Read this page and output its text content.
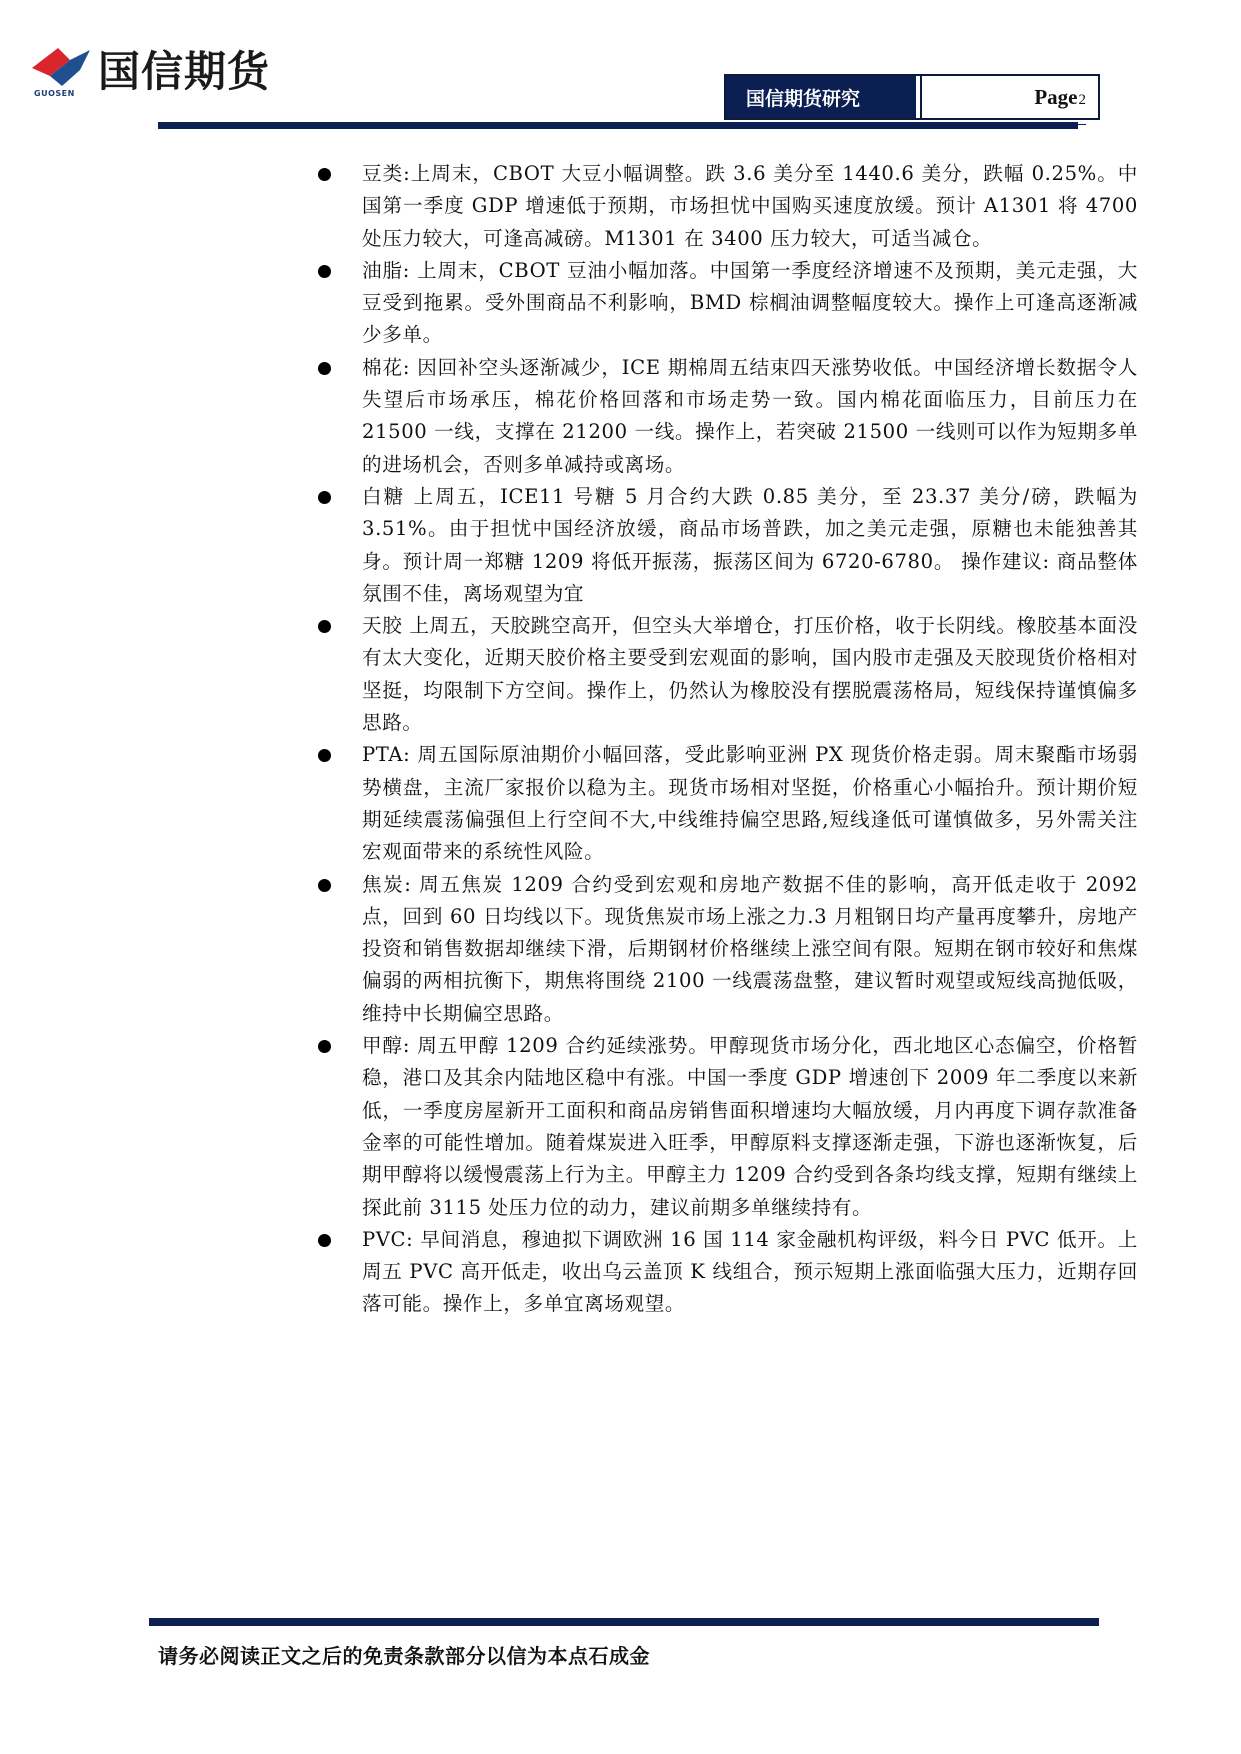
GUOSEN 国信期货
国信期货研究	Page 2

豆类:上周末，CBOT 大豆小幅调整。跌 3.6 美分至 1440.6 美分，跌幅 0.25%。中国第一季度 GDP 增速低于预期，市场担忧中国购买速度放缓。预计 A1301 将 4700 处压力较大，可逢高减磅。M1301 在 3400 压力较大，可适当减仓。

油脂: 上周末，CBOT 豆油小幅加落。中国第一季度经济增速不及预期，美元走强，大豆受到拖累。受外围商品不利影响，BMD 棕榈油调整幅度较大。操作上可逢高逐渐减少多单。

棉花: 因回补空头逐渐减少，ICE 期棉周五结束四天涨势收低。中国经济增长数据令人失望后市场承压，棉花价格回落和市场走势一致。国内棉花面临压力，目前压力在 21500 一线，支撑在 21200 一线。操作上，若突破 21500 一线则可以作为短期多单的进场机会，否则多单减持或离场。

白糖 上周五，ICE11 号糖 5 月合约大跌 0.85 美分，至 23.37 美分/磅，跌幅为 3.51%。由于担忧中国经济放缓，商品市场普跌，加之美元走强，原糖也未能独善其身。预计周一郑糖 1209 将低开振荡，振荡区间为 6720-6780。 操作建议: 商品整体氛围不佳，离场观望为宜

天胶 上周五，天胶跳空高开，但空头大举增仓，打压价格，收于长阴线。橡胶基本面没有太大变化，近期天胶价格主要受到宏观面的影响，国内股市走强及天胶现货价格相对坚挺，均限制下方空间。操作上，仍然认为橡胶没有摆脱震荡格局，短线保持谨慎偏多思路。

PTA: 周五国际原油期价小幅回落，受此影响亚洲 PX 现货价格走弱。周末聚酯市场弱势横盘，主流厂家报价以稳为主。现货市场相对坚挺，价格重心小幅抬升。预计期价短期延续震荡偏强但上行空间不大,中线维持偏空思路,短线逢低可谨慎做多，另外需关注宏观面带来的系统性风险。

焦炭: 周五焦炭 1209 合约受到宏观和房地产数据不佳的影响，高开低走收于 2092 点，回到 60 日均线以下。现货焦炭市场上涨之力.3 月粗钢日均产量再度攀升，房地产投资和销售数据却继续下滑，后期钢材价格继续上涨空间有限。短期在钢市较好和焦煤偏弱的两相抗衡下，期焦将围绕 2100 一线震荡盘整，建议暂时观望或短线高抛低吸，维持中长期偏空思路。

甲醇: 周五甲醇 1209 合约延续涨势。甲醇现货市场分化，西北地区心态偏空，价格暂稳，港口及其余内陆地区稳中有涨。中国一季度 GDP 增速创下 2009 年二季度以来新低，一季度房屋新开工面积和商品房销售面积增速均大幅放缓，月内再度下调存款准备金率的可能性增加。随着煤炭进入旺季，甲醇原料支撑逐渐走强，下游也逐渐恢复，后期甲醇将以缓慢震荡上行为主。甲醇主力 1209 合约受到各条均线支撑，短期有继续上探此前 3115 处压力位的动力，建议前期多单继续持有。

PVC: 早间消息，穆迪拟下调欧洲 16 国 114 家金融机构评级，料今日 PVC 低开。上周五 PVC 高开低走，收出乌云盖顶 K 线组合，预示短期上涨面临强大压力，近期存回落可能。操作上，多单宜离场观望。

请务必阅读正文之后的免责条款部分以信为本点石成金
